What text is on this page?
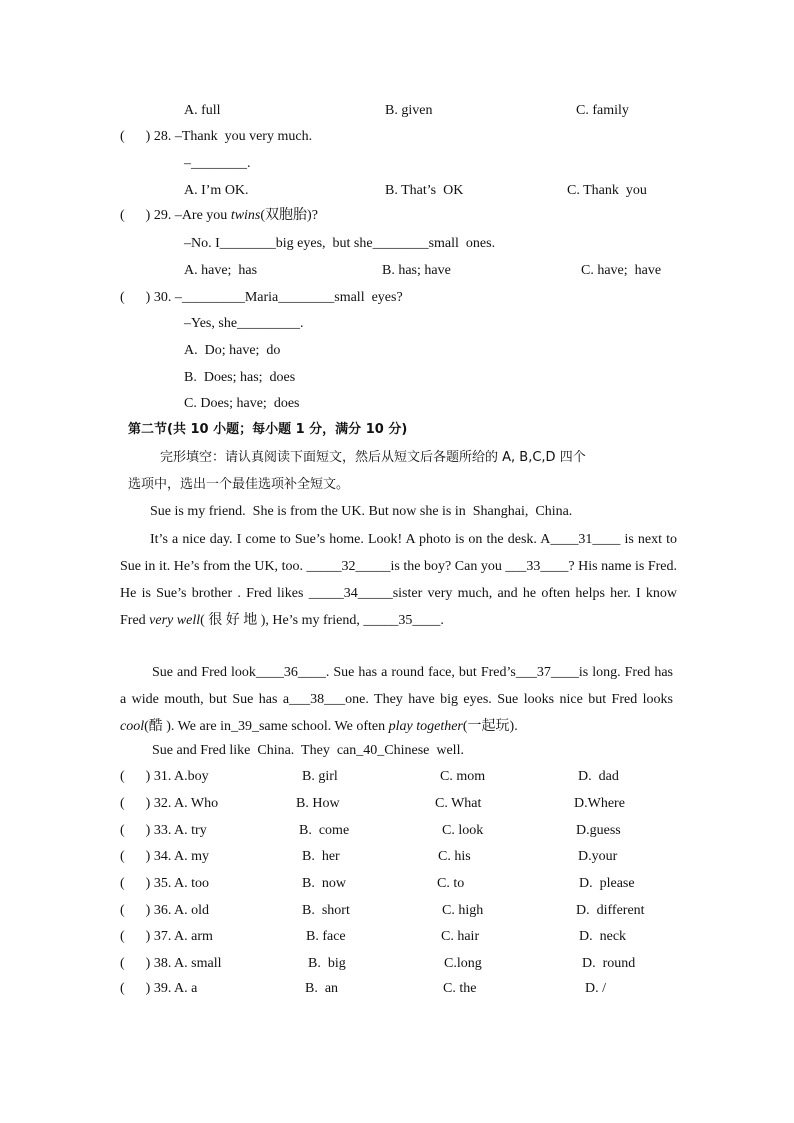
A. full	B. given	C. family
(      ) 28. –Thank  you very much.
–________.
A. I’m OK.	B. That’s  OK	C. Thank  you
(      ) 29. –Are you twins(双胞胎)?
–No. I________big eyes,  but she________small  ones.
A. have;  has	B. has; have	C. have;  have
(      ) 30. –_________Maria________small  eyes?
–Yes, she_________.
A.  Do; have;  do
B.  Does; has;  does
C. Does; have;  does
第二节(共 10 小题；每小题 1 分，满分 10 分)
完形填空：请认真阅读下面短文，然后从短文后各题所给的 A, B,C,D 四个
选项中，选出一个最佳选项补全短文。
Sue is my friend.  She is from the UK. But now she is in  Shanghai,  China.
It’s a nice day. I come to Sue’s home. Look! A photo is on the desk. A____31____ is next to Sue in it. He’s from the UK, too. _____32_____is the boy? Can you ___33____? His name is Fred. He is Sue’s brother . Fred likes _____34_____sister very much, and he often helps her. I know Fred very well( 很 好 地 ), He’s my friend, _____35____.
Sue and Fred look____36____. Sue has a round face, but Fred’s___37____is long. Fred has a wide mouth, but Sue has a___38___one. They have big eyes. Sue looks nice but Fred looks cool(酷 ). We are in_39_same school. We often play together(一起玩).
Sue and Fred like  China.  They  can_40_Chinese  well.
(      ) 31. A.boy	B. girl	C. mom	D.  dad
(      ) 32. A. Who	B. How	C. What	D.Where
(      ) 33. A. try	B.  come	C. look	D.guess
(      ) 34. A. my	B.  her	C. his	D.your
(      ) 35. A. too	B.  now	C. to	D.  please
(      ) 36. A. old	B.  short	C. high	D.  different
(      ) 37. A. arm	B. face	C. hair	D.  neck
(      ) 38. A. small	B.  big	C.long	D.  round
(      ) 39. A. a	B.  an	C. the	D. /
